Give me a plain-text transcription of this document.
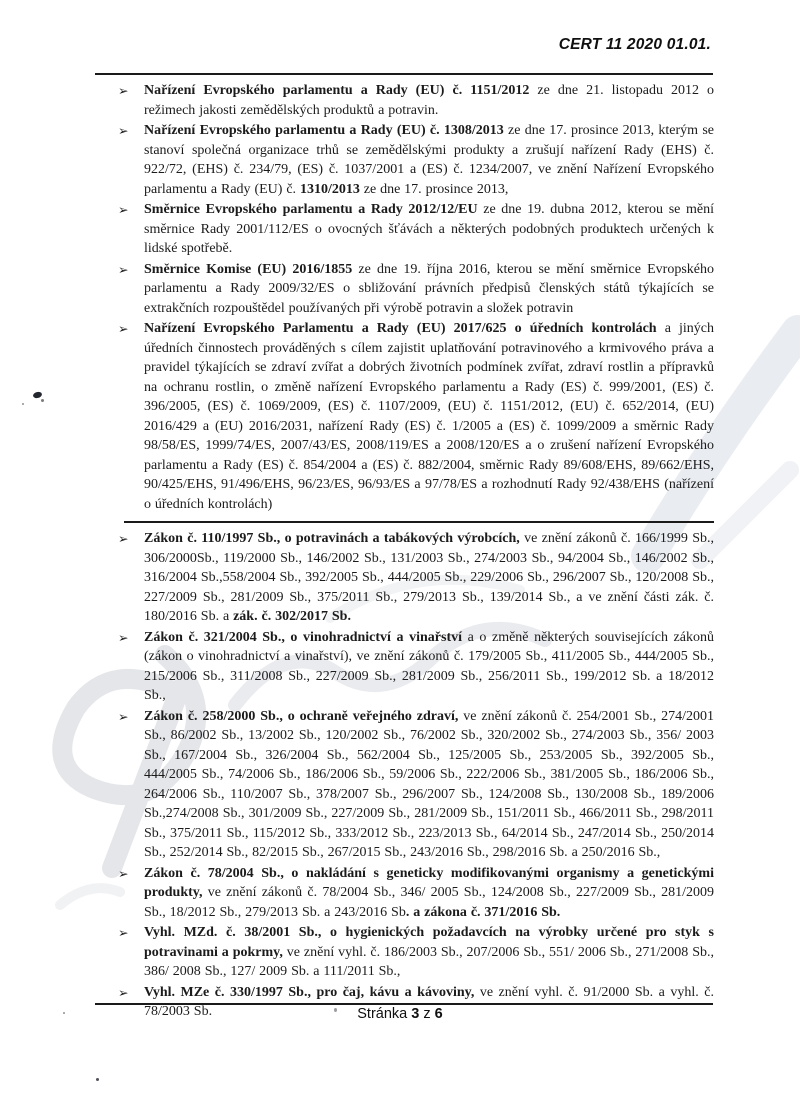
CERT 11 2020 01.01.
➢	Nařízení Evropského parlamentu a Rady (EU) č. 1151/2012 ze dne 21. listopadu 2012 o režimech jakosti zemědělských produktů a potravin.
➢	Nařízení Evropského parlamentu a Rady (EU) č. 1308/2013 ze dne 17. prosince 2013, kterým se stanoví společná organizace trhů se zemědělskými produkty a zrušují nařízení Rady (EHS) č. 922/72, (EHS) č. 234/79, (ES) č. 1037/2001 a (ES) č. 1234/2007, ve znění Nařízení Evropského parlamentu a Rady (EU) č. 1310/2013 ze dne 17. prosince 2013,
➢	Směrnice Evropského parlamentu a Rady 2012/12/EU ze dne 19. dubna 2012, kterou se mění směrnice Rady 2001/112/ES o ovocných šťávách a některých podobných produktech určených k lidské spotřebě.
➢	Směrnice Komise (EU) 2016/1855 ze dne 19. října 2016, kterou se mění směrnice Evropského parlamentu a Rady 2009/32/ES o sbližování právních předpisů členských států týkajících se extrakčních rozpouštědel používaných při výrobě potravin a složek potravin
➢	Nařízení Evropského Parlamentu a Rady (EU) 2017/625 o úředních kontrolách a jiných úředních činnostech prováděných s cílem zajistit uplatňování potravinového a krmivového práva a pravidel týkajících se zdraví zvířat a dobrých životních podmínek zvířat, zdraví rostlin a přípravků na ochranu rostlin, o změně nařízení Evropského parlamentu a Rady (ES) č. 999/2001, (ES) č. 396/2005, (ES) č. 1069/2009, (ES) č. 1107/2009, (EU) č. 1151/2012, (EU) č. 652/2014, (EU) 2016/429 a (EU) 2016/2031, nařízení Rady (ES) č. 1/2005 a (ES) č. 1099/2009 a směrnic Rady 98/58/ES, 1999/74/ES, 2007/43/ES, 2008/119/ES a 2008/120/ES a o zrušení nařízení Evropského parlamentu a Rady (ES) č. 854/2004 a (ES) č. 882/2004, směrnic Rady 89/608/EHS, 89/662/EHS, 90/425/EHS, 91/496/EHS, 96/23/ES, 96/93/ES a 97/78/ES a rozhodnutí Rady 92/438/EHS (nařízení o úředních kontrolách)
➢	Zákon č. 110/1997 Sb., o potravinách a tabákových výrobcích, ve znění zákonů č. 166/1999 Sb., 306/2000Sb., 119/2000 Sb., 146/2002 Sb., 131/2003 Sb., 274/2003 Sb., 94/2004 Sb., 146/2002 Sb., 316/2004 Sb.,558/2004 Sb., 392/2005 Sb., 444/2005 Sb., 229/2006 Sb., 296/2007 Sb., 120/2008 Sb., 227/2009 Sb., 281/2009 Sb., 375/2011 Sb., 279/2013 Sb., 139/2014 Sb., a ve znění části zák. č. 180/2016 Sb. a zák. č. 302/2017 Sb.
➢	Zákon č. 321/2004 Sb., o vinohradnictví a vinařství a o změně některých souvisejících zákonů (zákon o vinohradnictví a vinařství), ve znění zákonů č. 179/2005 Sb., 411/2005 Sb., 444/2005 Sb., 215/2006 Sb., 311/2008 Sb., 227/2009 Sb., 281/2009 Sb., 256/2011 Sb., 199/2012 Sb. a 18/2012 Sb.,
➢	Zákon č. 258/2000 Sb., o ochraně veřejného zdraví, ve znění zákonů č. 254/2001 Sb., 274/2001 Sb., 86/2002 Sb., 13/2002 Sb., 120/2002 Sb., 76/2002 Sb., 320/2002 Sb., 274/2003 Sb., 356/ 2003 Sb., 167/2004 Sb., 326/2004 Sb., 562/2004 Sb., 125/2005 Sb., 253/2005 Sb., 392/2005 Sb., 444/2005 Sb., 74/2006 Sb., 186/2006 Sb., 59/2006 Sb., 222/2006 Sb., 381/2005 Sb., 186/2006 Sb., 264/2006 Sb., 110/2007 Sb., 378/2007 Sb., 296/2007 Sb., 124/2008 Sb., 130/2008 Sb., 189/2006 Sb.,274/2008 Sb., 301/2009 Sb., 227/2009 Sb., 281/2009 Sb., 151/2011 Sb., 466/2011 Sb., 298/2011 Sb., 375/2011 Sb., 115/2012 Sb., 333/2012 Sb., 223/2013 Sb., 64/2014 Sb., 247/2014 Sb., 250/2014 Sb., 252/2014 Sb., 82/2015 Sb., 267/2015 Sb., 243/2016 Sb., 298/2016 Sb. a 250/2016 Sb.,
➢	Zákon č. 78/2004 Sb., o nakládání s geneticky modifikovanými organismy a genetickými produkty, ve znění zákonů č. 78/2004 Sb., 346/ 2005 Sb., 124/2008 Sb., 227/2009 Sb., 281/2009 Sb., 18/2012 Sb., 279/2013 Sb. a 243/2016 Sb. a zákona č. 371/2016 Sb.
➢	Vyhl. MZd. č. 38/2001 Sb., o hygienických požadavcích na výrobky určené pro styk s potravinami a pokrmy, ve znění vyhl. č. 186/2003 Sb., 207/2006 Sb., 551/ 2006 Sb., 271/2008 Sb., 386/ 2008 Sb., 127/ 2009 Sb. a 111/2011 Sb.,
➢	Vyhl. MZe č. 330/1997 Sb., pro čaj, kávu a kávoviny, ve znění vyhl. č. 91/2000 Sb. a vyhl. č. 78/2003 Sb.	Stránka 3 z 6
